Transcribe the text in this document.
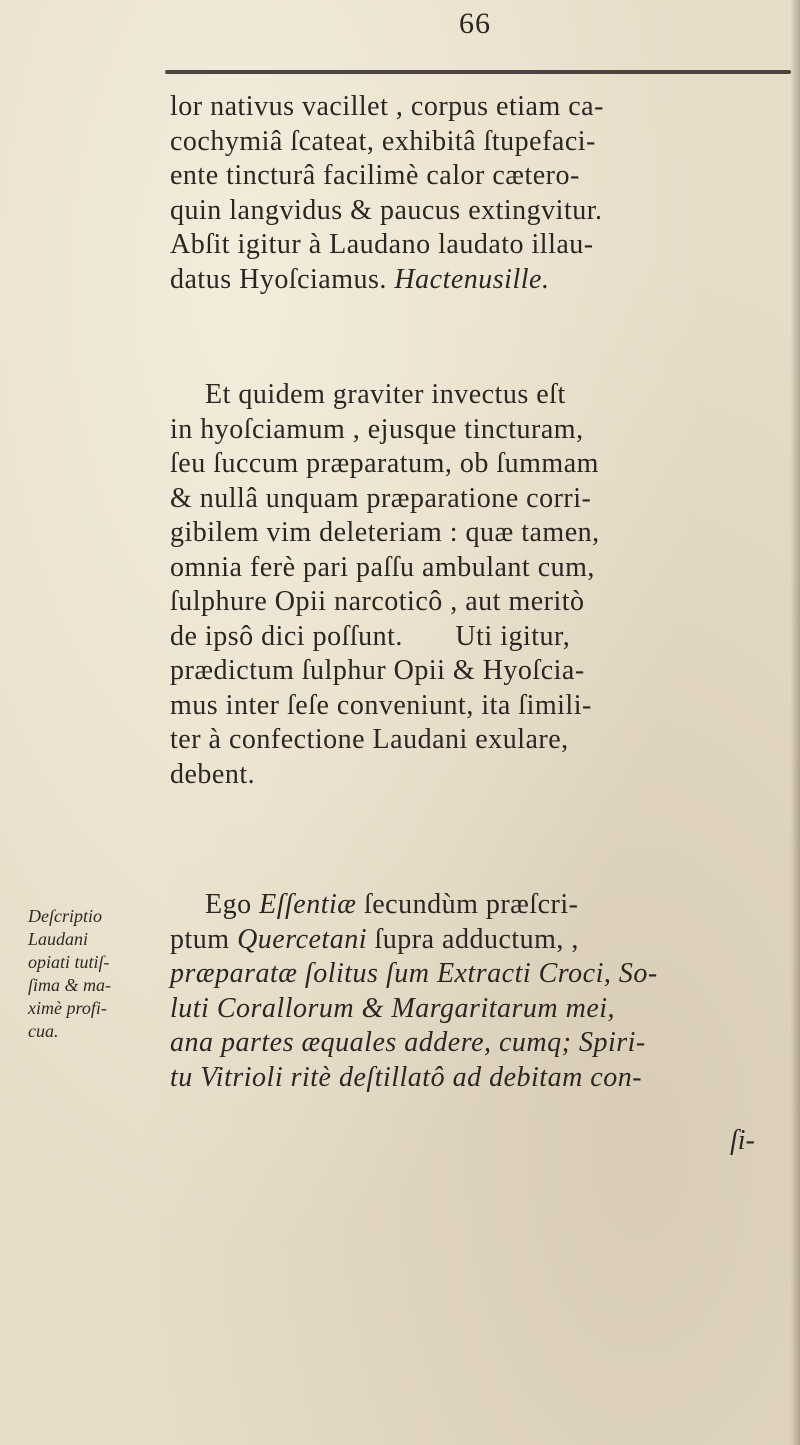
66
lor nativus vacillet , corpus etiam ca-
cochymiâ ſcateat, exhibitâ ſtupefaci-
ente tincturâ facilimè calor cætero-
quin langvidus & paucus extingvitur.
Abſit igitur à Laudano laudato illau-
datus Hyoſciamus. Hactenusille.
Et quidem graviter invectus eſt
in hyoſciamum , ejusque tincturam,
ſeu ſuccum præparatum, ob ſummam
& nullâ unquam præparatione corri-
gibilem vim deleteriam : quæ tamen,
omnia ferè pari paſſu ambulant cum,
ſulphure Opii narcoticô , aut meritò
de ipsô dici poſſunt.       Uti igitur,
prædictum ſulphur Opii & Hyoſcia-
mus inter ſeſe conveniunt, ita ſimili-
ter à confectione Laudani exulare,
debent.
Deſcriptio
Laudani
opiati tutiſ-
ſima & ma-
ximè profi-
cua.
Ego Eſſentiæ ſecundùm præſcri-
ptum Quercetani ſupra adductum, ,
præparatæ ſolitus ſum Extracti Croci, So-
luti Corallorum & Margaritarum mei,
ana partes æquales addere, cumq; Spiri-
tu Vitrioli ritè deſtillatô ad debitam con-
ſi-
